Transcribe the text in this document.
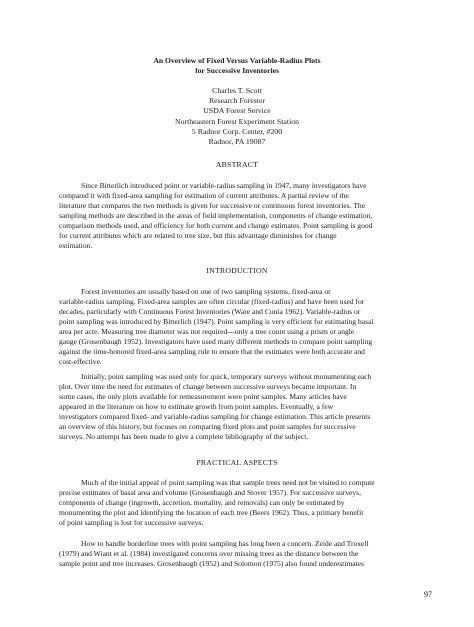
An Overview of Fixed Versus Variable-Radius Plots
for Successive Inventories
Charles T. Scott
Research Forester
USDA Forest Service
Northeastern Forest Experiment Station
5 Radnor Corp. Center, #200
Radnor, PA 19087
ABSTRACT
Since Bitterlich introduced point or variable-radius sampling in 1947, many investigators have
compared it with fixed-area sampling for estimation of current attributes. A partial review of the
literature that compares the two methods is given for successive or continuous forest inventories. The
sampling methods are described in the areas of field implementation, components of change estimation,
comparison methods used, and efficiency for both current and change estimates. Point sampling is good
for current attributes which are related to tree size, but this advantage diminishes for change
estimation.
INTRODUCTION
Forest inventories are usually based on one of two sampling systems, fixed-area or
variable-radius sampling. Fixed-area samples are often circular (fixed-radius) and have been used for
decades, particularly with Continuous Forest Inventories (Ware and Cunia 1962). Variable-radius or
point sampling was introduced by Bitterlich (1947). Point sampling is very efficient for estimating basal
area per acre. Measuring tree diameter was not required---only a tree count using a prism or angle
gauge (Grosenbaugh 1952). Investigators have used many different methods to compare point sampling
against the time-honored fixed-area sampling rule to ensure that the estimates were both accurate and
cost-effective.
Initially, point sampling was used only for quick, temporary surveys without monumenting each
plot. Over time the need for estimates of change between successive surveys became important. In
some cases, the only plots available for remeasurement were point samples. Many articles have
appeared in the literature on how to estimate growth from point samples. Eventually, a few
investigators compared fixed- and variable-radius sampling for change estimation. This article presents
an overview of this history, but focuses on comparing fixed plots and point samples for successive
surveys. No attempt has been made to give a complete bibliography of the subject.
PRACTICAL ASPECTS
Much of the initial appeal of point sampling was that sample trees need not be visited to compute
precise estimates of basal area and volume (Grosenbaugh and Stover 1957). For successive surveys,
components of change (ingrowth, accretion, mortality, and removals) can only be estimated by
monumenting the plot and identifying the location of each tree (Beers 1962). Thus, a primary benefit
of point sampling is lost for successive surveys.
How to handle borderline trees with point sampling has long been a concern. Zeide and Troxell
(1979) and Wiant et al. (1984) investigated concerns over missing trees as the distance between the
sample point and tree increases. Grosenbaugh (1952) and Solomon (1975) also found underestimates
97
